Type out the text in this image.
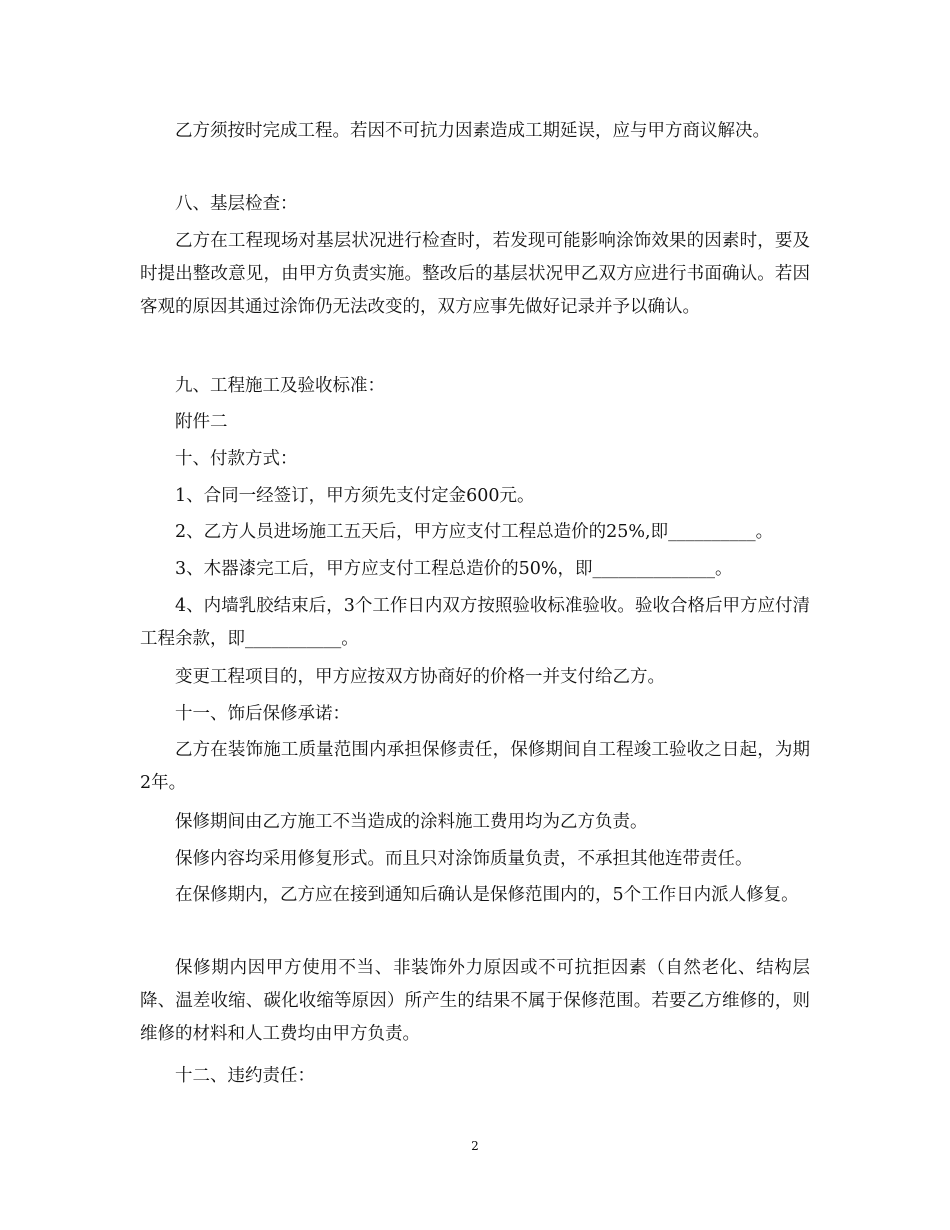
乙方须按时完成工程。若因不可抗力因素造成工期延误，应与甲方商议解决。

八、基层检查：

乙方在工程现场对基层状况进行检查时，若发现可能影响涂饰效果的因素时，要及时提出整改意见，由甲方负责实施。整改后的基层状况甲乙双方应进行书面确认。若因客观的原因其通过涂饰仍无法改变的，双方应事先做好记录并予以确认。

九、工程施工及验收标准：

附件二

十、付款方式：

1、合同一经签订，甲方须先支付定金600元。

2、乙方人员进场施工五天后，甲方应支付工程总造价的25%,即__________。

3、木器漆完工后，甲方应支付工程总造价的50%，即______________。

4、内墙乳胶结束后，3个工作日内双方按照验收标准验收。验收合格后甲方应付清工程余款，即___________。

变更工程项目的，甲方应按双方协商好的价格一并支付给乙方。

十一、饰后保修承诺：

乙方在装饰施工质量范围内承担保修责任，保修期间自工程竣工验收之日起，为期2年。

保修期间由乙方施工不当造成的涂料施工费用均为乙方负责。

保修内容均采用修复形式。而且只对涂饰质量负责，不承担其他连带责任。

在保修期内，乙方应在接到通知后确认是保修范围内的，5个工作日内派人修复。

保修期内因甲方使用不当、非装饰外力原因或不可抗拒因素（自然老化、结构层降、温差收缩、碳化收缩等原因）所产生的结果不属于保修范围。若要乙方维修的，则维修的材料和人工费均由甲方负责。

十二、违约责任：

2
